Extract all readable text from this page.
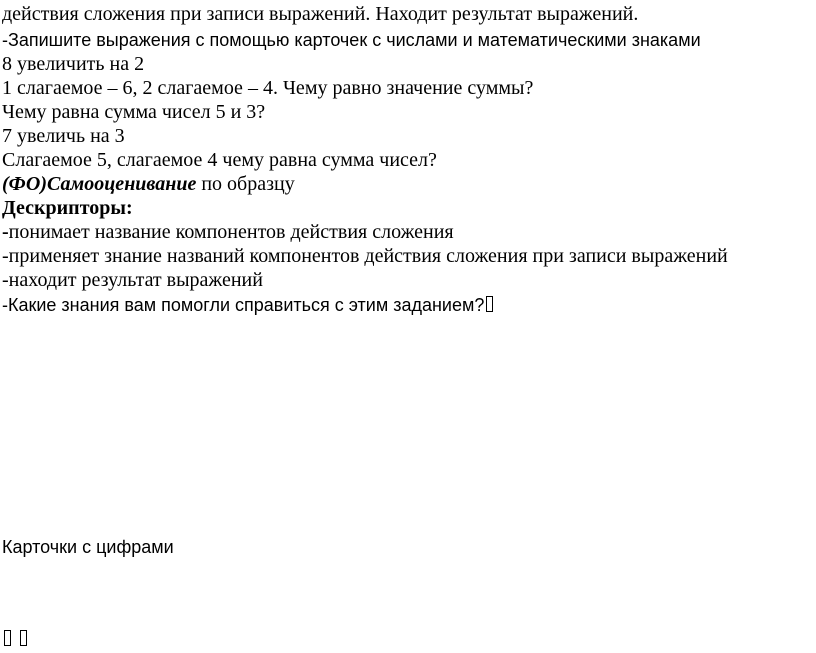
действия сложения при записи выражений. Находит результат выражений.
-Запишите выражения с помощью карточек с числами и математическими знаками
8 увеличить на 2
1 слагаемое – 6, 2 слагаемое – 4. Чему равно значение суммы?
Чему равна сумма чисел 5 и 3?
7 увеличь на 3
Слагаемое 5, слагаемое 4 чему равна сумма чисел?
(ФО)Самооценивание по образцу
Дескрипторы:
-понимает название компонентов действия сложения
-применяет знание названий компонентов действия сложения при записи выражений
-находит результат выражений
-Какие знания вам помогли справиться с этим заданием?
Карточки с цифрами
